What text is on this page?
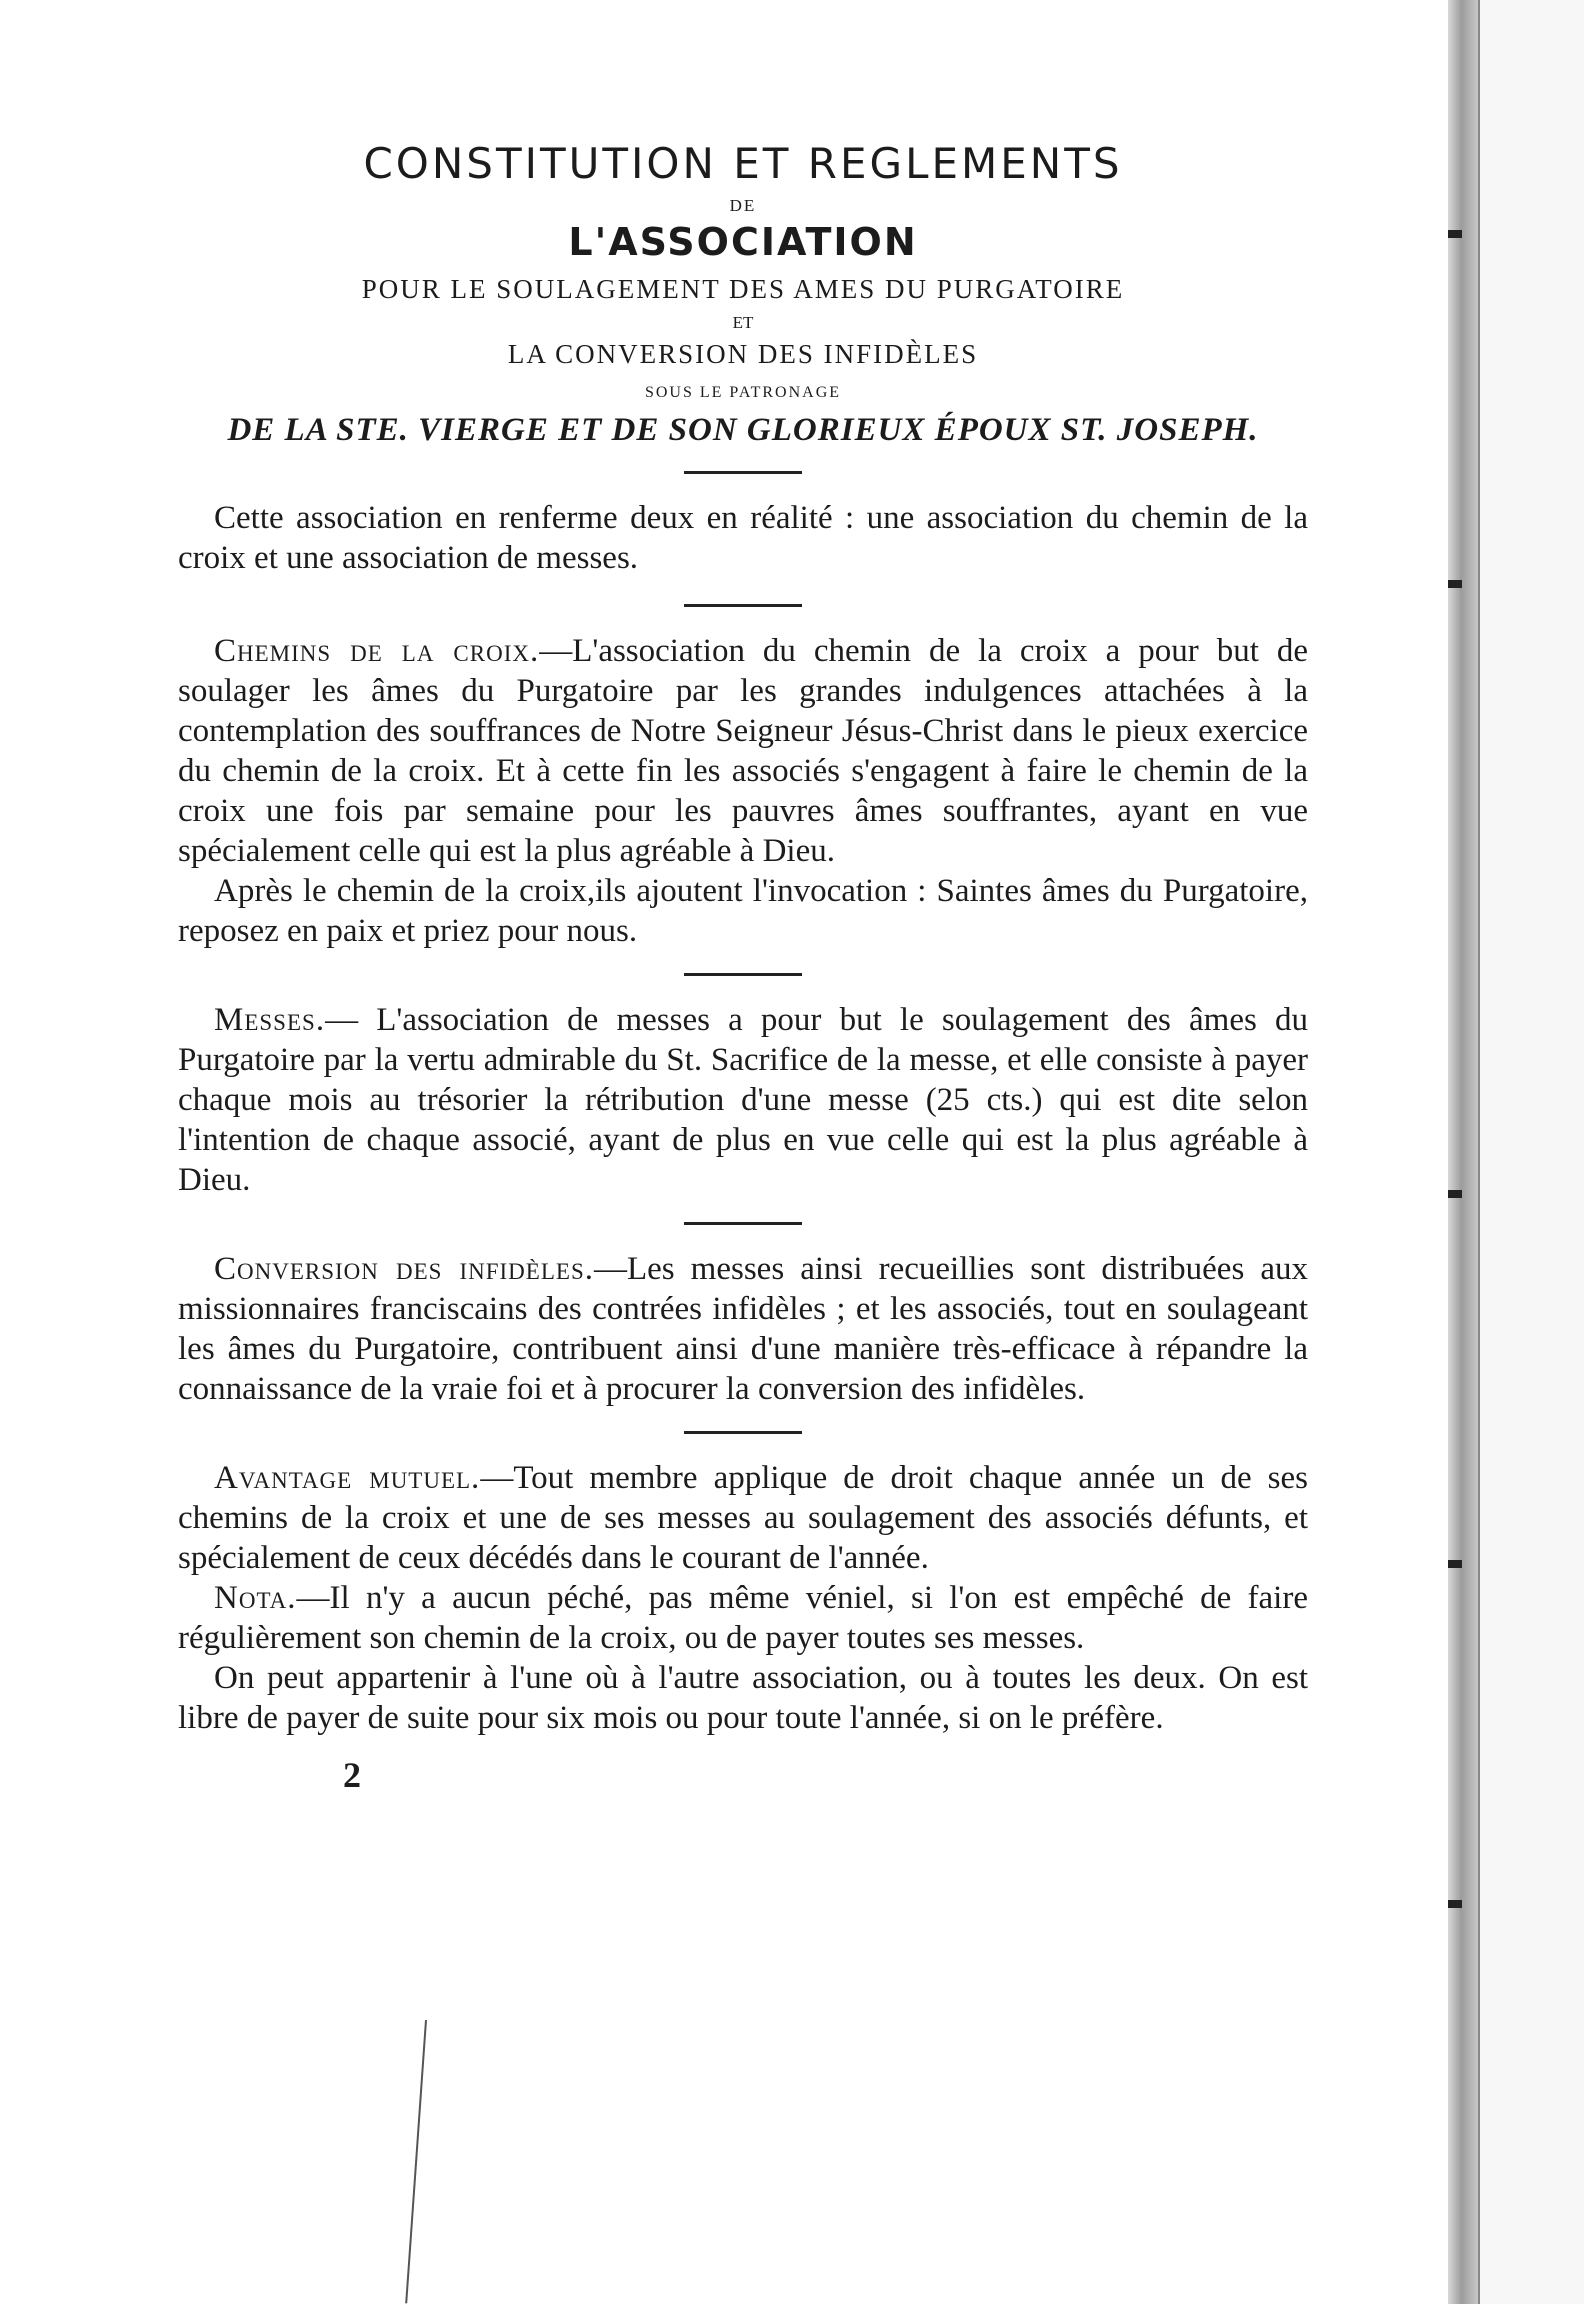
CONSTITUTION ET REGLEMENTS

DE

L'ASSOCIATION

POUR LE SOULAGEMENT DES AMES DU PURGATOIRE

ET

LA CONVERSION DES INFIDÈLES

SOUS LE PATRONAGE

DE LA STE. VIERGE ET DE SON GLORIEUX ÉPOUX ST. JOSEPH.

Cette association en renferme deux en réalité : une association du chemin de la croix et une association de messes.

Chemins de la croix.—L'association du chemin de la croix a pour but de soulager les âmes du Purgatoire par les grandes indulgences attachées à la contemplation des souffrances de Notre Seigneur Jésus-Christ dans le pieux exercice du chemin de la croix. Et à cette fin les associés s'engagent à faire le chemin de la croix une fois par semaine pour les pauvres âmes souffrantes, ayant en vue spécialement celle qui est la plus agréable à Dieu.

Après le chemin de la croix,ils ajoutent l'invocation : Saintes âmes du Purgatoire, reposez en paix et priez pour nous.

Messes.— L'association de messes a pour but le soulagement des âmes du Purgatoire par la vertu admirable du St. Sacrifice de la messe, et elle consiste à payer chaque mois au trésorier la rétribution d'une messe (25 cts.) qui est dite selon l'intention de chaque associé, ayant de plus en vue celle qui est la plus agréable à Dieu.

Conversion des infidèles.—Les messes ainsi recueillies sont distribuées aux missionnaires franciscains des contrées infidèles ; et les associés, tout en soulageant les âmes du Purgatoire, contribuent ainsi d'une manière très-efficace à répandre la connaissance de la vraie foi et à procurer la conversion des infidèles.

Avantage mutuel.—Tout membre applique de droit chaque année un de ses chemins de la croix et une de ses messes au soulagement des associés défunts, et spécialement de ceux décédés dans le courant de l'année.

Nota.—Il n'y a aucun péché, pas même véniel, si l'on est empêché de faire régulièrement son chemin de la croix, ou de payer toutes ses messes.

On peut appartenir à l'une où à l'autre association, ou à toutes les deux. On est libre de payer de suite pour six mois ou pour toute l'année, si on le préfère.

2
